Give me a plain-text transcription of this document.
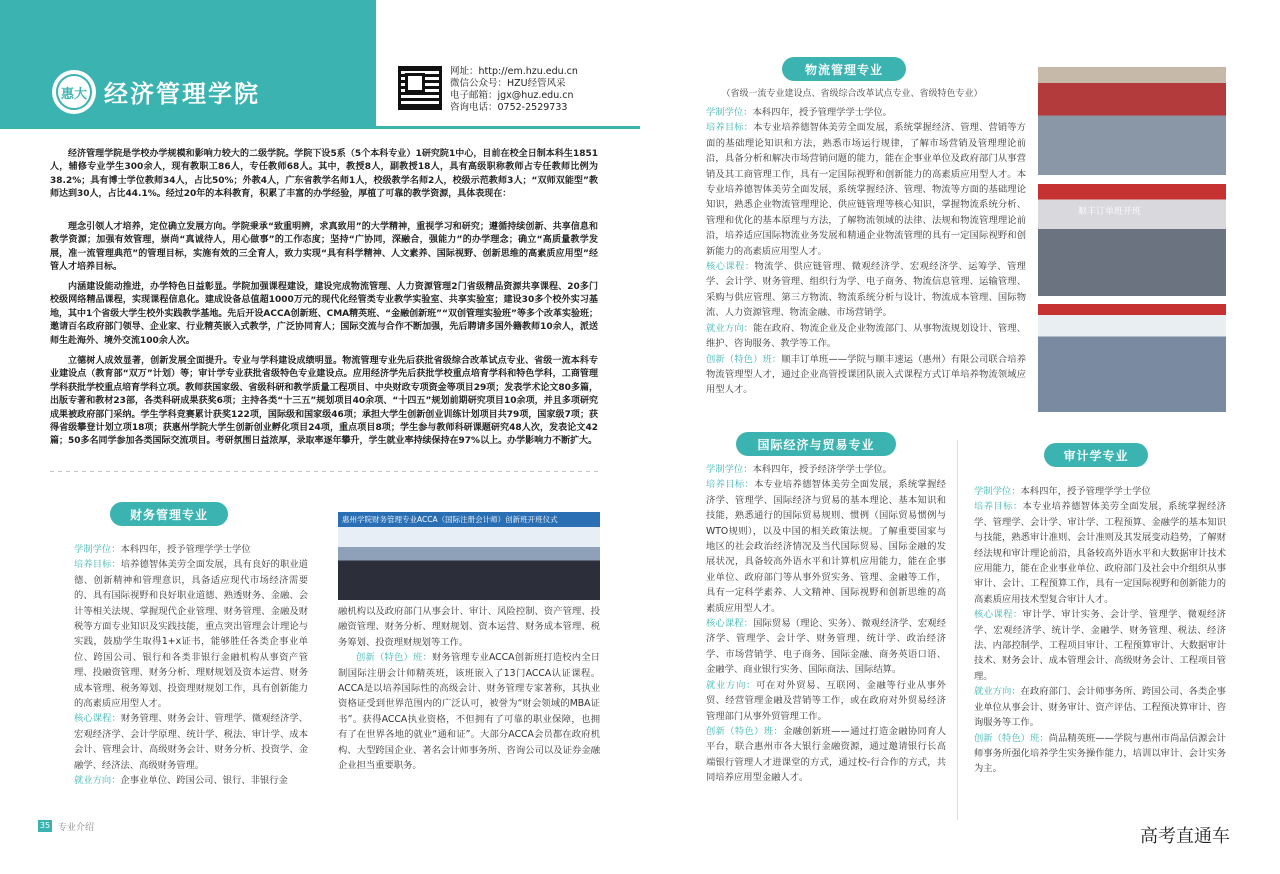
惠大 经济管理学院
网址：http://em.hzu.edu.cn
微信公众号：HZU经管风采
电子邮箱：jgx@huz.edu.cn
咨询电话：0752-2529733
经济管理学院是学校办学规模和影响力较大的二级学院。学院下设5系（5个本科专业）1研究院1中心，目前在校全日制本科生1851人，辅修专业学生300余人，现有教职工86人，专任教师68人。其中，教授8人，副教授18人，具有高级职称教师占专任教师比例为38.2%；具有博士学位教师34人，占比50%；外教4人，广东省教学名师1人，校级教学名师2人，校级示范教师3人；“双师双能型”教师达到30人，占比44.1%。经过20年的本科教育，积累了丰富的办学经验，厚植了可靠的教学资源，具体表现在：
理念引领人才培养，定位确立发展方向。学院秉承“致重明辨，求真致用”的大学精神，重视学习和研究；遵循持续创新、共享信息和教学资源；加强有效管理，崇尚“真诚待人，用心做事”的工作态度；坚持“广协同，深融合，强能力”的办学理念；确立“高质量教学发展，准一流管理典范”的管理目标，实施有效的三全育人，致力实现“具有科学精神、人文素养、国际视野、创新思维的高素质应用型”经管人才培养目标。
内涵建设能动推进，办学特色日益彰显。学院加强课程建设，建设完成物流管理、人力资源管理2门省级精品资源共享课程、20多门校级网络精品课程，实现课程信息化。建成设备总值超1000万元的现代化经管类专业教学实验室、共享实验室；建设30多个校外实习基地，其中1个省级大学生校外实践教学基地。先后开设ACCA创新班、CMA精英班、“金融创新班”“双创管理实验班”等多个改革实验班；邀请百名政府部门领导、企业家、行业精英嵌入式教学，广泛协同育人；国际交流与合作不断加强，先后聘请多国外籍教师10余人，派送师生赴海外、境外交流100余人次。
立德树人成效显著，创新发展全面提升。专业与学科建设成绩明显。物流管理专业先后获批省级综合改革试点专业、省级一流本科专业建设点（教育部“双万”计划）等；审计学专业获批省级特色专业建设点。应用经济学先后获批学校重点培育学科和特色学科，工商管理学科获批学校重点培育学科立项。教师获国家级、省级科研和教学质量工程项目、中央财政专项资金等项目29项；发表学术论文80多篇，出版专著和教材23部，各类科研成果获奖6项；主持各类“十三五”规划项目40余项、“十四五”规划前期研究项目10余项，并且多项研究成果被政府部门采纳。学生学科竞赛累计获奖122项，国际级和国家级46项；承担大学生创新创业训练计划项目共79项，国家级7项；获得省级攀登计划立项18项；获惠州学院大学生创新创业孵化项目24项，重点项目8项；学生参与教师科研课题研究48人次，发表论文42篇；50多名同学参加各类国际交流项目。考研氛围日益浓厚，录取率逐年攀升，学生就业率持续保持在97%以上。办学影响力不断扩大。
财务管理专业	惠州学院财务管理专业ACCA（国际注册会计师）创新班开班仪式
学制学位：本科四年，授予管理学学士学位
培养目标：培养德智体美劳全面发展，具有良好的职业道德、创新精神和管理意识，具备适应现代市场经济需要的、具有国际视野和良好职业道德、熟透财务、金融、会计等相关法规、掌握现代企业管理、财务管理、金融及财税等方面专业知识及实践技能，重点突出管理会计理论与实践，鼓励学生取得1+x证书，能够胜任各类企事业单位、跨国公司、银行和各类非银行金融机构从事资产管理、投融资管理、财务分析、理财规划及资本运营、财务成本管理、税务筹划、投资理财规划工作，具有创新能力的高素质应用型人才。
核心课程：财务管理、财务会计、管理学、微观经济学、宏观经济学、会计学原理、统计学、税法、审计学、成本会计、管理会计、高级财务会计、财务分析、投资学、金融学、经济法、高级财务管理。
就业方向：企事业单位、跨国公司、银行、非银行金
融机构以及政府部门从事会计、审计、风险控制、资产管理、投融资管理、财务分析、理财规划、资本运营、财务成本管理、税务筹划、投资理财规划等工作。
创新（特色）班：财务管理专业ACCA创新班打造校内全日制国际注册会计师精英班，该班嵌入了13门ACCA认证课程。ACCA是以培养国际性的高级会计、财务管理专家著称，其执业资格证受到世界范围内的广泛认可，被誉为“财会领域的MBA证书”。获得ACCA执业资格，不但拥有了可靠的职业保障，也拥有了在世界各地的就业“通和证”。大部分ACCA会员都在政府机构、大型跨国企业、著名会计师事务所、咨询公司以及证券金融企业担当重要职务。
35 专业介绍
物流管理专业
（省级一流专业建设点、省级综合改革试点专业、省级特色专业）
学制学位：本科四年，授予管理学学士学位。
培养目标：本专业培养德智体美劳全面发展，系统掌握经济、管理、营销等方面的基础理论知识和方法，熟悉市场运行规律，了解市场营销及管理理论前沿，具备分析和解决市场营销问题的能力，能在企事业单位及政府部门从事营销及其工商管理工作，具有一定国际视野和创新能力的高素质应用型人才。本专业培养德智体美劳全面发展，系统掌握经济、管理、物流等方面的基础理论知识，熟悉企业物流管理理论、供应链管理等核心知识，掌握物流系统分析、管理和优化的基本原理与方法，了解物流领域的法律、法规和物流管理理论前沿，培养适应国际物流业务发展和精通企业物流管理的具有一定国际视野和创新能力的高素质应用型人才。
核心课程：物流学、供应链管理、微观经济学、宏观经济学、运筹学、管理学、会计学、财务管理、组织行为学、电子商务、物流信息管理、运输管理、采购与供应管理、第三方物流、物流系统分析与设计、物流成本管理、国际物流、人力资源管理、物流金融、市场营销学。
就业方向：能在政府、物流企业及企业物流部门、从事物流规划设计、管理、维护、咨询服务、教学等工作。
创新（特色）班：顺丰订单班——学院与顺丰速运（惠州）有限公司联合培养物流管理型人才，通过企业高管授课团队嵌入式课程方式订单培养物流领域应用型人才。
顺丰订单班开班
国际经济与贸易专业
学制学位：本科四年，授予经济学学士学位。
培养目标：本专业培养德智体美劳全面发展，系统掌握经济学、管理学、国际经济与贸易的基本理论、基本知识和技能，熟悉通行的国际贸易规则、惯例（国际贸易惯例与WTO规则），以及中国的相关政策法规。了解重要国家与地区的社会政治经济情况及当代国际贸易、国际金融的发展状况，具备较高外语水平和计算机应用能力，能在企事业单位、政府部门等从事外贸实务、管理、金融等工作，具有一定科学素养、人文精神、国际视野和创新思维的高素质应用型人才。
核心课程：国际贸易（理论、实务）、微观经济学、宏观经济学、管理学、会计学、财务管理、统计学、政治经济学、市场营销学、电子商务、国际金融、商务英语口语、金融学、商业银行实务、国际商法、国际结算。
就业方向：可在对外贸易、互联网、金融等行业从事外贸、经营管理金融及营销等工作，或在政府对外贸易经济管理部门从事外贸管理工作。
创新（特色）班：金融创新班——通过打造金融协同育人平台，联合惠州市各大银行金融资源，通过邀请银行长高端银行管理人才进课堂的方式，通过校-行合作的方式，共同培养应用型金融人才。
审计学专业
学制学位：本科四年，授予管理学学士学位
培养目标：本专业培养德智体美劳全面发展，系统掌握经济学、管理学、会计学、审计学、工程预算、金融学的基本知识与技能，熟悉审计准则、会计准则及其发展变动趋势，了解财经法规和审计理论前沿，具备较高外语水平和大数据审计技术应用能力，能在企业事业单位、政府部门及社会中介组织从事审计、会计、工程预算工作，具有一定国际视野和创新能力的高素质应用技术型复合审计人才。
核心课程：审计学、审计实务、会计学、管理学、微观经济学、宏观经济学、统计学、金融学、财务管理、税法、经济法、内部控制学、工程项目审计、工程预算审计、大数据审计技术、财务会计、成本管理会计、高级财务会计、工程项目管理。
就业方向：在政府部门、会计师事务所、跨国公司、各类企事业单位从事会计、财务审计、资产评估、工程预决算审计、咨询服务等工作。
创新（特色）班：尚品精英班——学院与惠州市尚品信源会计师事务所强化培养学生实务操作能力，培训以审计、会计实务为主。
高考直通车
